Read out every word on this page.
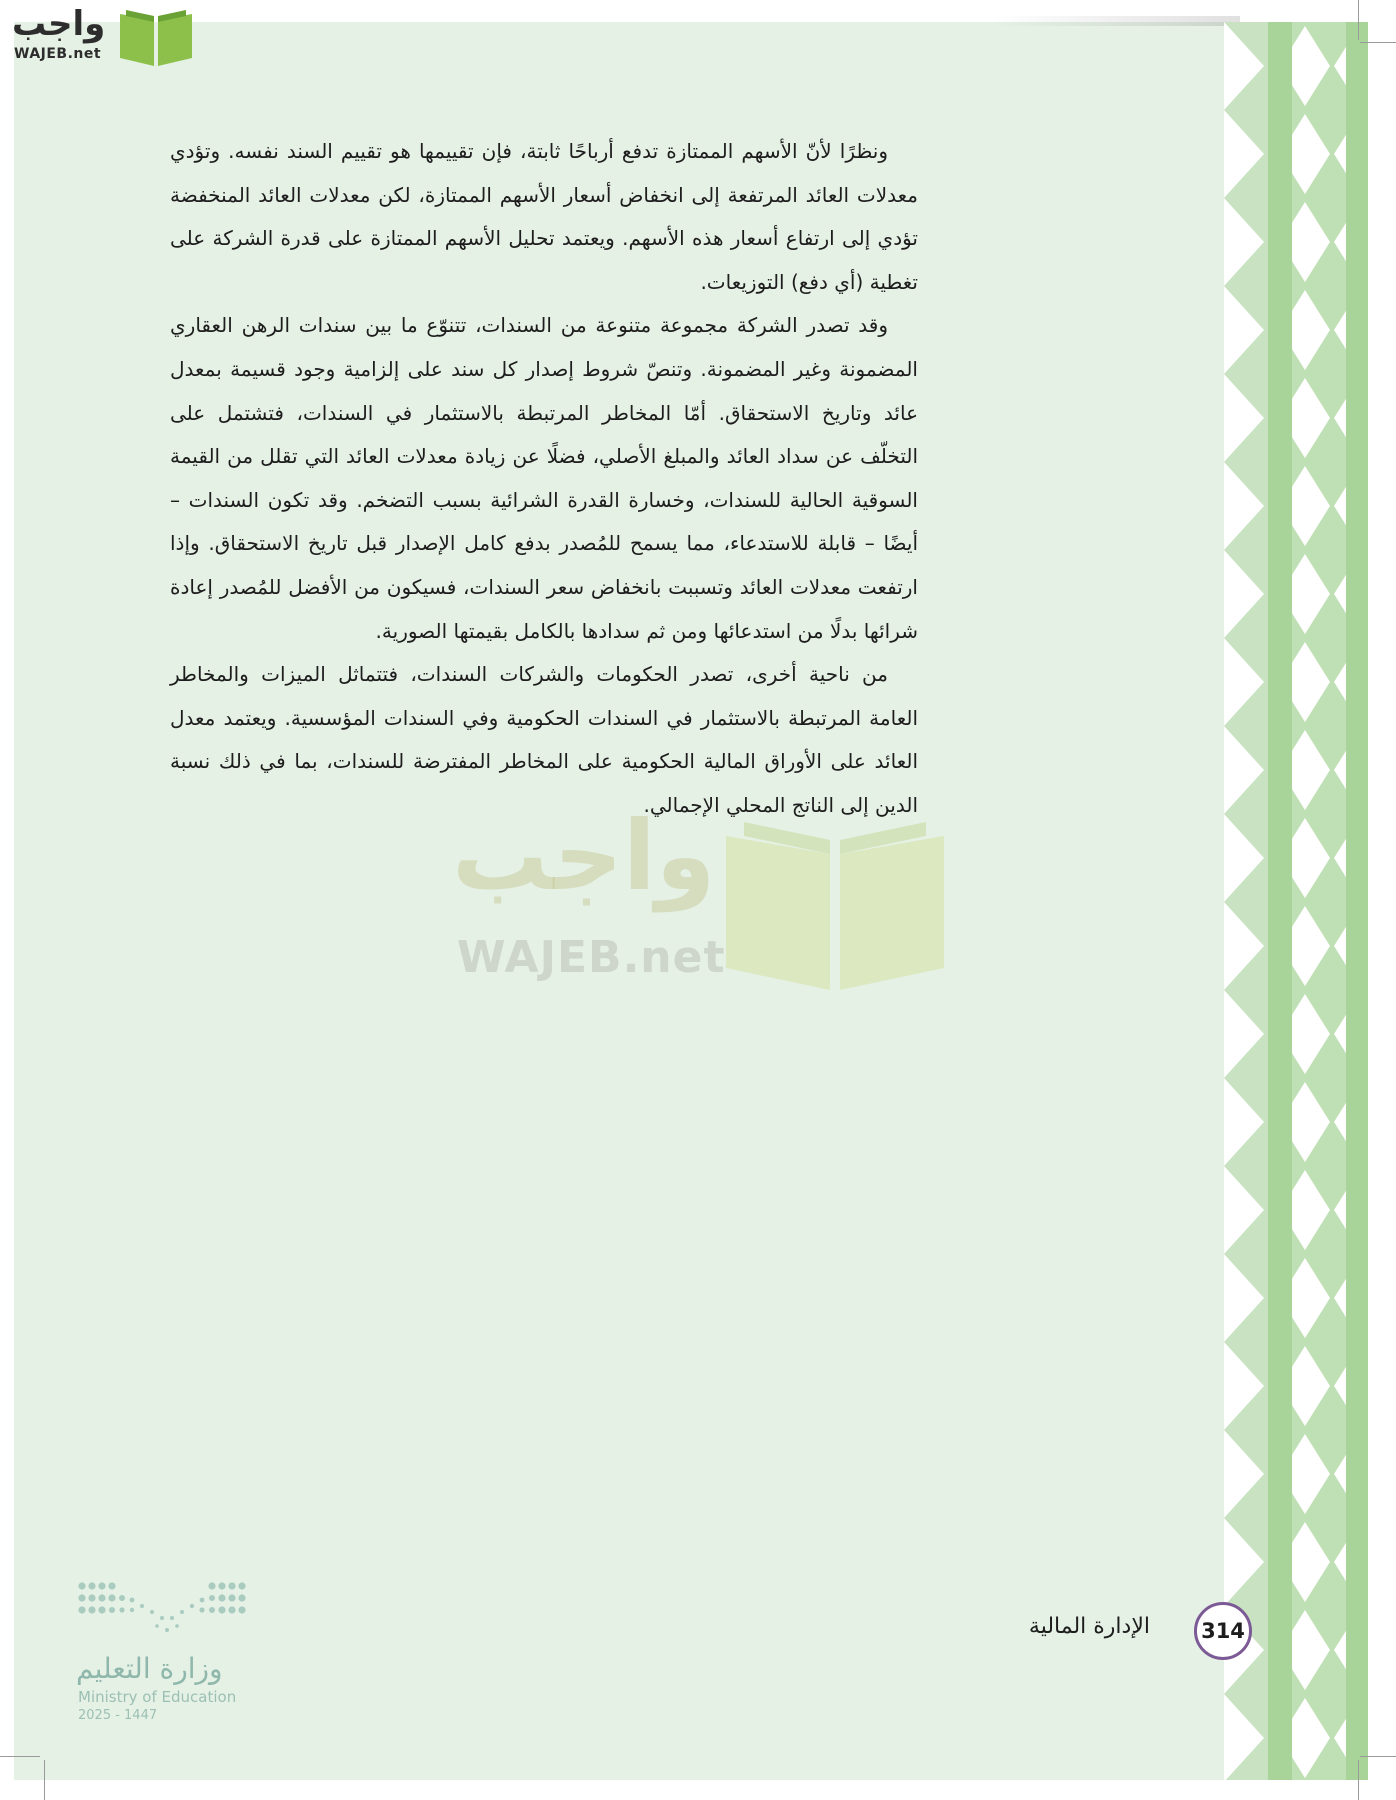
واجب
WAJEB.net

ونظرًا لأنّ الأسهم الممتازة تدفع أرباحًا ثابتة، فإن تقييمها هو تقييم السند نفسه. وتؤدي معدلات العائد المرتفعة إلى انخفاض أسعار الأسهم الممتازة، لكن معدلات العائد المنخفضة تؤدي إلى ارتفاع أسعار هذه الأسهم. ويعتمد تحليل الأسهم الممتازة على قدرة الشركة على تغطية (أي دفع) التوزيعات.

وقد تصدر الشركة مجموعة متنوعة من السندات، تتنوّع ما بين سندات الرهن العقاري المضمونة وغير المضمونة. وتنصّ شروط إصدار كل سند على إلزامية وجود قسيمة بمعدل عائد وتاريخ الاستحقاق. أمّا المخاطر المرتبطة بالاستثمار في السندات، فتشتمل على التخلّف عن سداد العائد والمبلغ الأصلي، فضلًا عن زيادة معدلات العائد التي تقلل من القيمة السوقية الحالية للسندات، وخسارة القدرة الشرائية بسبب التضخم. وقد تكون السندات – أيضًا – قابلة للاستدعاء، مما يسمح للمُصدر بدفع كامل الإصدار قبل تاريخ الاستحقاق. وإذا ارتفعت معدلات العائد وتسببت بانخفاض سعر السندات، فسيكون من الأفضل للمُصدر إعادة شرائها بدلًا من استدعائها ومن ثم سدادها بالكامل بقيمتها الصورية.

من ناحية أخرى، تصدر الحكومات والشركات السندات، فتتماثل الميزات والمخاطر العامة المرتبطة بالاستثمار في السندات الحكومية وفي السندات المؤسسية. ويعتمد معدل العائد على الأوراق المالية الحكومية على المخاطر المفترضة للسندات، بما في ذلك نسبة الدين إلى الناتج المحلي الإجمالي.

واجب
WAJEB.net
الإدارة المالية 314
وزارة التعليم
Ministry of Education
2025 - 1447
